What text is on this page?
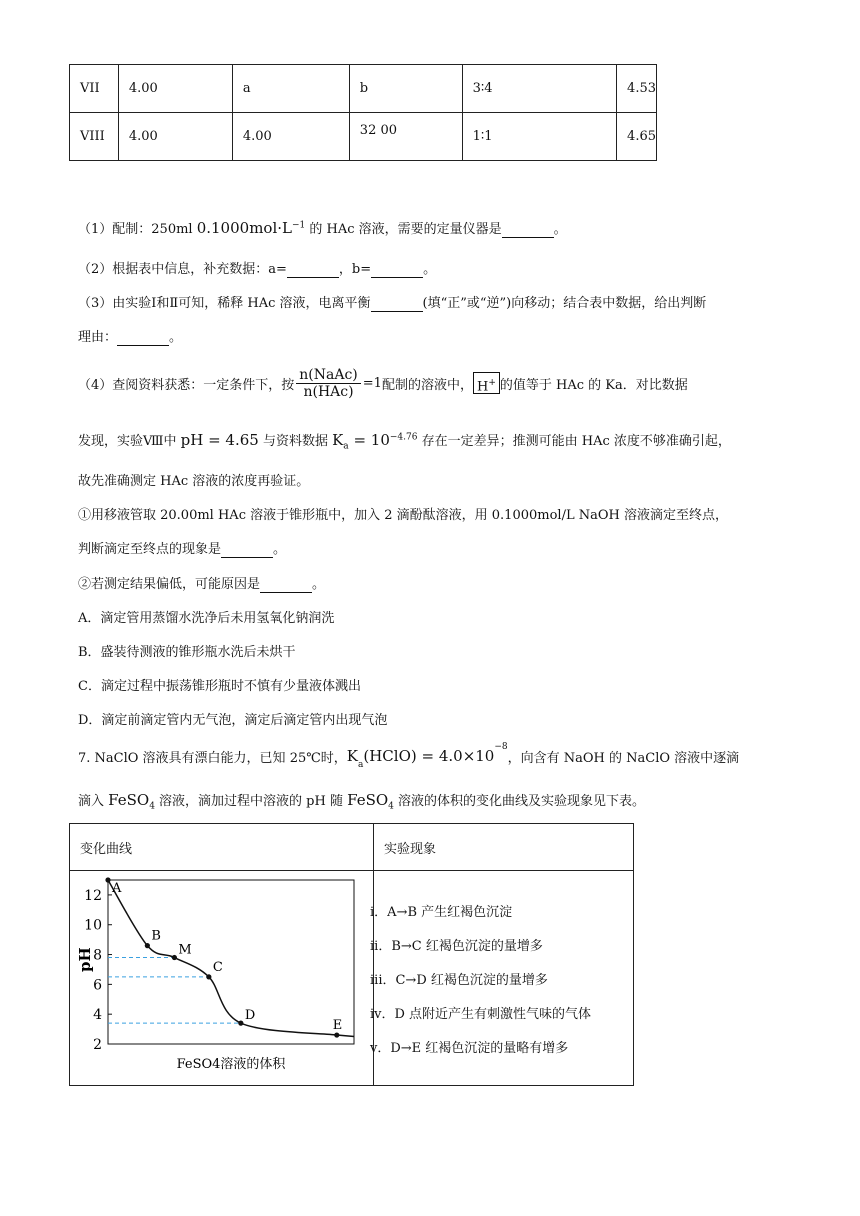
VII	4.00	a	b	3∶4	4.53
VIII	4.00	4.00	32 00	1∶1	4.65
（1）配制：250ml $0.1000mol\cdot L^{-1}$ 的 HAc 溶液，需要的定量仪器是	。
（2）根据表中信息，补充数据：a=	，b=	。
（3）由实验Ⅰ和Ⅱ可知，稀释 HAc 溶液，电离平衡	(填“正”或“逆”)向移动；结合表中数据，给出判断
理由：	。
（4）查阅资料获悉：一定条件下，按 $\frac{\text{n(NaAc)}}{\text{n(HAc)}} =1$ 配制的溶液中， H+ 的值等于 HAc 的 Ka．对比数据
发现，实验Ⅷ中 pH = 4.65 与资料数据 $K_a = 10^{-4.76}$ 存在一定差异；推测可能由 HAc 浓度不够准确引起，
故先准确测定 HAc 溶液的浓度再验证。
①用移液管取 20.00ml HAc 溶液于锥形瓶中，加入 2 滴酚酞溶液，用 0.1000mol/L NaOH 溶液滴定至终点，
判断滴定至终点的现象是	。
②若测定结果偏低，可能原因是	。
A．滴定管用蒸馏水洗净后未用氢氧化钠润洗
B．盛装待测液的锥形瓶水洗后未烘干
C．滴定过程中振荡锥形瓶时不慎有少量液体溅出
D．滴定前滴定管内无气泡，滴定后滴定管内出现气泡
7. NaClO 溶液具有漂白能力，已知 25℃时， $K_a$ (HClO) = $4.0\times 10^{-8}$
，向含有 NaOH 的 NaClO 溶液中逐滴
滴入 FeSO$_4$ 溶液，滴加过程中溶液的 pH 随 FeSO$_4$ 溶液的体积的变化曲线及实验现象见下表。
变化曲线	实验现象

2
4
6
8
10
12
pH
FeSO4溶液的体积
A
B
M
C
D
E
i．A→B 产生红褐色沉淀
ii．B→C 红褐色沉淀的量增多
iii．C→D 红褐色沉淀的量增多
iv．D 点附近产生有刺激性气味的气体
v．D→E 红褐色沉淀的量略有增多
